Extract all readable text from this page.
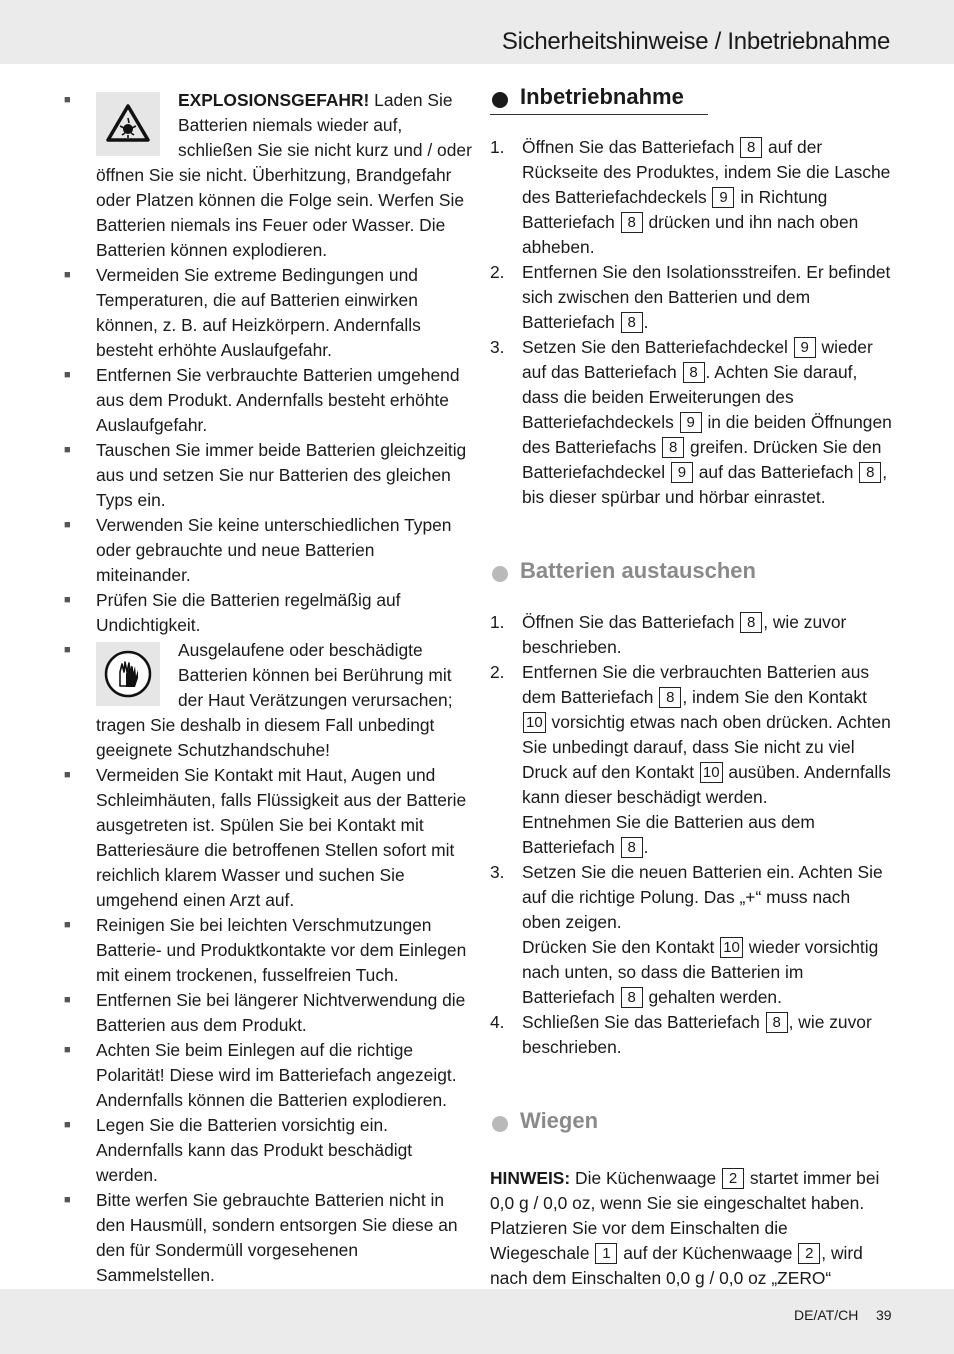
Sicherheitshinweise / Inbetriebnahme
■	EXPLOSIONSGEFAHR! Laden Sie Batterien niemals wieder auf, schließen Sie sie nicht kurz und / oder öffnen Sie sie nicht. Überhitzung, Brandgefahr oder Platzen können die Folge sein. Werfen Sie Batterien niemals ins Feuer oder Wasser. Die Batterien können explodieren.
■ Vermeiden Sie extreme Bedingungen und Temperaturen, die auf Batterien einwirken können, z. B. auf Heizkörpern. Andernfalls besteht erhöhte Auslaufgefahr.
■ Entfernen Sie verbrauchte Batterien umgehend aus dem Produkt. Andernfalls besteht erhöhte Auslaufgefahr.
■ Tauschen Sie immer beide Batterien gleichzeitig aus und setzen Sie nur Batterien des gleichen Typs ein.
■ Verwenden Sie keine unterschiedlichen Typen oder gebrauchte und neue Batterien miteinander.
■ Prüfen Sie die Batterien regelmäßig auf Undichtigkeit.
■	Ausgelaufene oder beschädigte Batterien können bei Berührung mit der Haut Verätzungen verursachen; tragen Sie deshalb in diesem Fall unbedingt geeignete Schutzhandschuhe!
■ Vermeiden Sie Kontakt mit Haut, Augen und Schleimhäuten, falls Flüssigkeit aus der Batterie ausgetreten ist. Spülen Sie bei Kontakt mit Batteriesäure die betroffenen Stellen sofort mit reichlich klarem Wasser und suchen Sie umgehend einen Arzt auf.
■ Reinigen Sie bei leichten Verschmutzungen Batterie- und Produktkontakte vor dem Einlegen mit einem trockenen, fusselfreien Tuch.
■ Entfernen Sie bei längerer Nichtverwendung die Batterien aus dem Produkt.
■ Achten Sie beim Einlegen auf die richtige Polarität! Diese wird im Batteriefach angezeigt. Andernfalls können die Batterien explodieren.
■ Legen Sie die Batterien vorsichtig ein. Andernfalls kann das Produkt beschädigt werden.
■ Bitte werfen Sie gebrauchte Batterien nicht in den Hausmüll, sondern entsorgen Sie diese an den für Sondermüll vorgesehenen Sammelstellen.
Inbetriebnahme
1. Öffnen Sie das Batteriefach 8 auf der Rückseite des Produktes, indem Sie die Lasche des Batteriefachdeckels 9 in Richtung Batteriefach 8 drücken und ihn nach oben abheben.
2. Entfernen Sie den Isolationsstreifen. Er befindet sich zwischen den Batterien und dem Batteriefach 8 .
3. Setzen Sie den Batteriefachdeckel 9 wieder auf das Batteriefach 8 . Achten Sie darauf, dass die beiden Erweiterungen des Batteriefachdeckels 9 in die beiden Öffnungen des Batteriefachs 8 greifen. Drücken Sie den Batteriefachdeckel 9 auf das Batteriefach 8 , bis dieser spürbar und hörbar einrastet.
Batterien austauschen
1. Öffnen Sie das Batteriefach 8 , wie zuvor beschrieben.
2. Entfernen Sie die verbrauchten Batterien aus dem Batteriefach 8 , indem Sie den Kontakt 10 vorsichtig etwas nach oben drücken. Achten Sie unbedingt darauf, dass Sie nicht zu viel Druck auf den Kontakt 10 ausüben. Andernfalls kann dieser beschädigt werden.
Entnehmen Sie die Batterien aus dem Batteriefach 8 .
3. Setzen Sie die neuen Batterien ein. Achten Sie auf die richtige Polung. Das „+“ muss nach oben zeigen.
Drücken Sie den Kontakt 10 wieder vorsichtig nach unten, so dass die Batterien im Batteriefach 8 gehalten werden.
4. Schließen Sie das Batteriefach 8 , wie zuvor beschrieben.
Wiegen
HINWEIS: Die Küchenwaage 2 startet immer bei 0,0 g / 0,0 oz, wenn Sie sie eingeschaltet haben. Platzieren Sie vor dem Einschalten die Wiegeschale 1 auf der Küchenwaage 2 , wird nach dem Einschalten 0,0 g / 0,0 oz „ZERO“
DE/AT/CH 39
